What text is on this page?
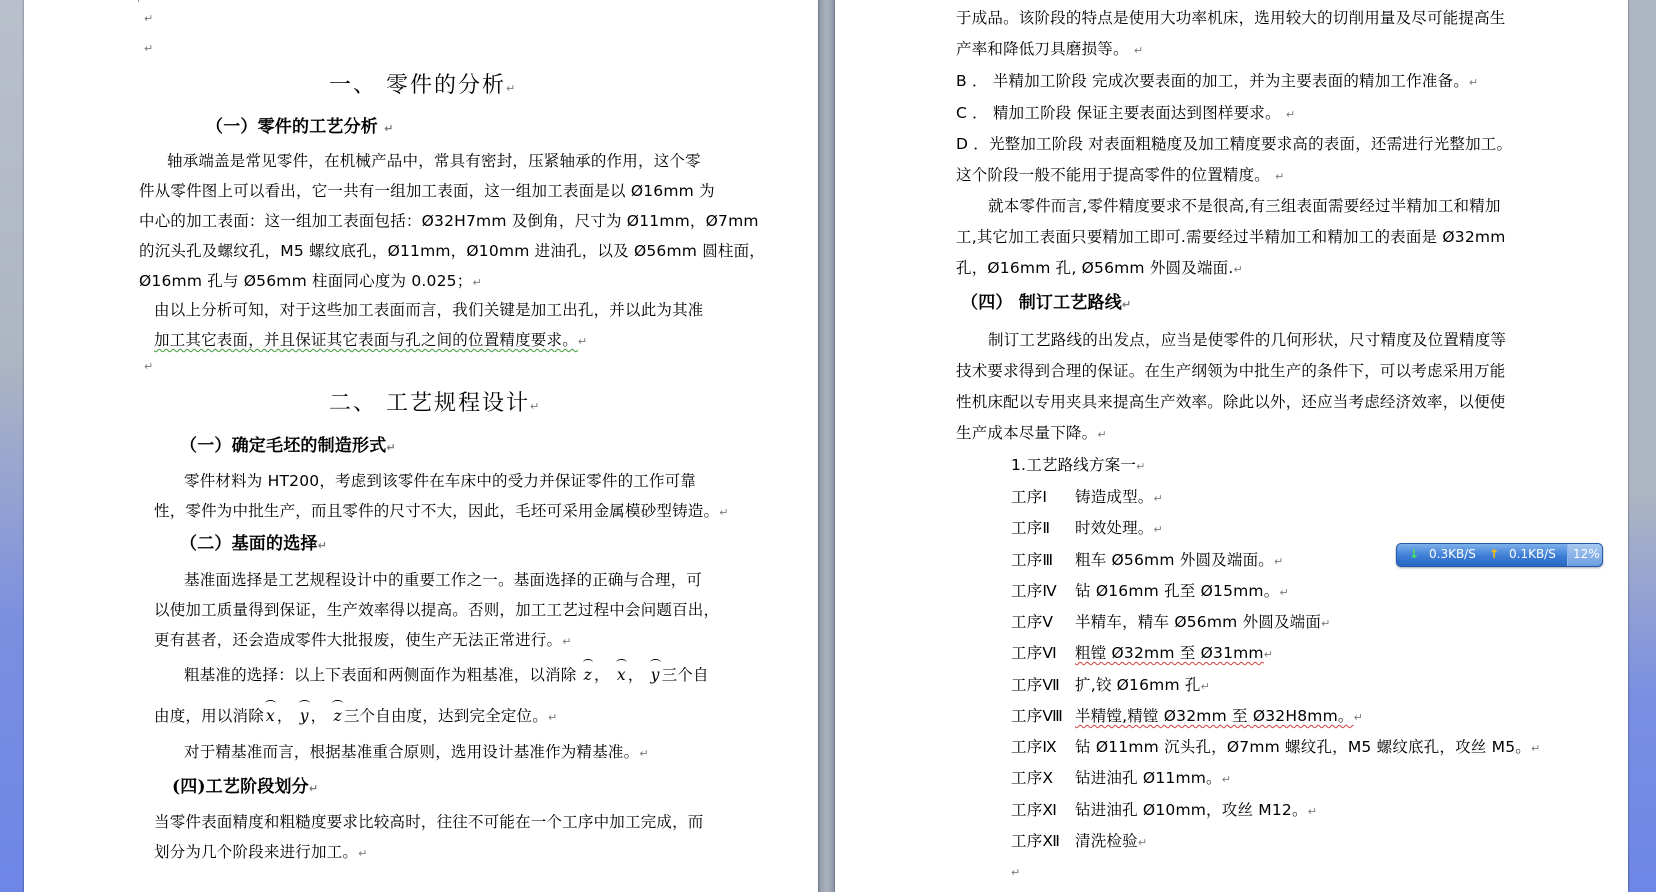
↵
↵
一、 零件的分析↵
（一）零件的工艺分析 ↵
轴承端盖是常见零件，在机械产品中，常具有密封，压紧轴承的作用，这个零
件从零件图上可以看出，它一共有一组加工表面，这一组加工表面是以 Ø16mm 为
中心的加工表面：这一组加工表面包括：Ø32H7mm 及倒角，尺寸为 Ø11mm，Ø7mm
的沉头孔及螺纹孔，M5 螺纹底孔，Ø11mm，Ø10mm 进油孔，以及 Ø56mm 圆柱面，
Ø16mm 孔与 Ø56mm 柱面同心度为 0.025；↵
由以上分析可知，对于这些加工表面而言，我们关键是加工出孔，并以此为其准
加工其它表面，并且保证其它表面与孔之间的位置精度要求。↵
↵
二、 工艺规程设计↵
（一）确定毛坯的制造形式↵
零件材料为 HT200，考虑到该零件在车床中的受力并保证零件的工作可靠
性，零件为中批生产，而且零件的尺寸不大，因此，毛坯可采用金属模砂型铸造。↵
（二）基面的选择↵
基准面选择是工艺规程设计中的重要工作之一。基面选择的正确与合理，可
以使加工质量得到保证，生产效率得以提高。否则，加工工艺过程中会问题百出，
更有甚者，还会造成零件大批报废，使生产无法正常进行。↵
粗基准的选择：以上下表面和两侧面作为粗基准，以消除 z ， x ， y 三个自
由度，用以消除 x ， y ， z 三个自由度，达到完全定位。↵
对于精基准而言，根据基准重合原则，选用设计基准作为精基准。↵
(四)工艺阶段划分↵
当零件表面精度和粗糙度要求比较高时，往往不可能在一个工序中加工完成，而
划分为几个阶段来进行加工。↵
于成品。该阶段的特点是使用大功率机床，选用较大的切削用量及尽可能提高生
产率和降低刀具磨损等。 ↵
B ． 半精加工阶段 完成次要表面的加工，并为主要表面的精加工作准备。↵
C ． 精加工阶段 保证主要表面达到图样要求。 ↵
D ．光整加工阶段 对表面粗糙度及加工精度要求高的表面，还需进行光整加工。
这个阶段一般不能用于提高零件的位置精度。 ↵
就本零件而言,零件精度要求不是很高,有三组表面需要经过半精加工和精加
工,其它加工表面只要精加工即可.需要经过半精加工和精加工的表面是 Ø32mm
孔，Ø16mm 孔, Ø56mm 外圆及端面.↵
（四） 制订工艺路线↵
制订工艺路线的出发点，应当是使零件的几何形状，尺寸精度及位置精度等
技术要求得到合理的保证。在生产纲领为中批生产的条件下，可以考虑采用万能
性机床配以专用夹具来提高生产效率。除此以外，还应当考虑经济效率，以便使
生产成本尽量下降。↵
1.工艺路线方案一↵
工序Ⅰ 铸造成型。↵
工序Ⅱ 时效处理。↵
工序Ⅲ 粗车 Ø56mm 外圆及端面。↵
工序Ⅳ 钻 Ø16mm 孔至 Ø15mm。↵
工序Ⅴ 半精车，精车 Ø56mm 外圆及端面↵
工序Ⅵ 粗镗 Ø32mm 至 Ø31mm↵
工序Ⅶ 扩,铰 Ø16mm 孔↵
工序Ⅷ 半精镗,精镗 Ø32mm 至 Ø32H8mm。↵
工序Ⅸ 钻 Ø11mm 沉头孔，Ø7mm 螺纹孔，M5 螺纹底孔，攻丝 M5。↵
工序Ⅹ 钻进油孔 Ø11mm。↵
工序Ⅺ 钻进油孔 Ø10mm，攻丝 M12。↵
工序Ⅻ 清洗检验↵
↵
↓ 0.3KB/S ↑ 0.1KB/S 12%
